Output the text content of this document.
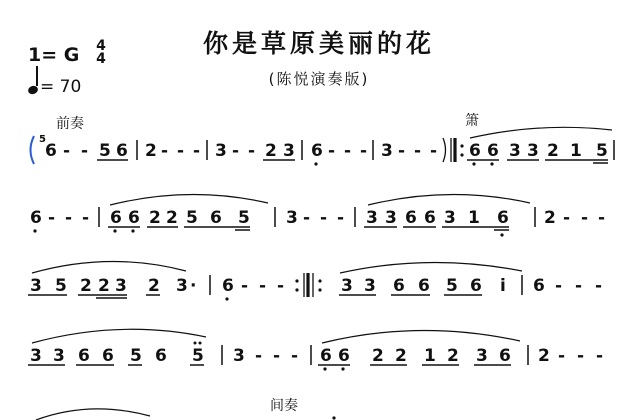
你是草原美丽的花
(陈悦演奏版)
1= G 4
4
= 70
前奏	箫
间奏
5
6 - - 5 6 2 - - - 3 - - 2 3 6 - - - 3 - - - 6 6 3 3 2 1 5
6 - - - 6 6 2 2 5 6 5 3 - - - 3 3 6 6 3 1 6 2 - - -
3 5 2 2 3 2 3 · 6 - - -	3 3 6 6 5 6 i 6 - - -
3 3 6 6 5 6 5 3 - - - 6 6 2 2 1 2 3 6 2 - - -
